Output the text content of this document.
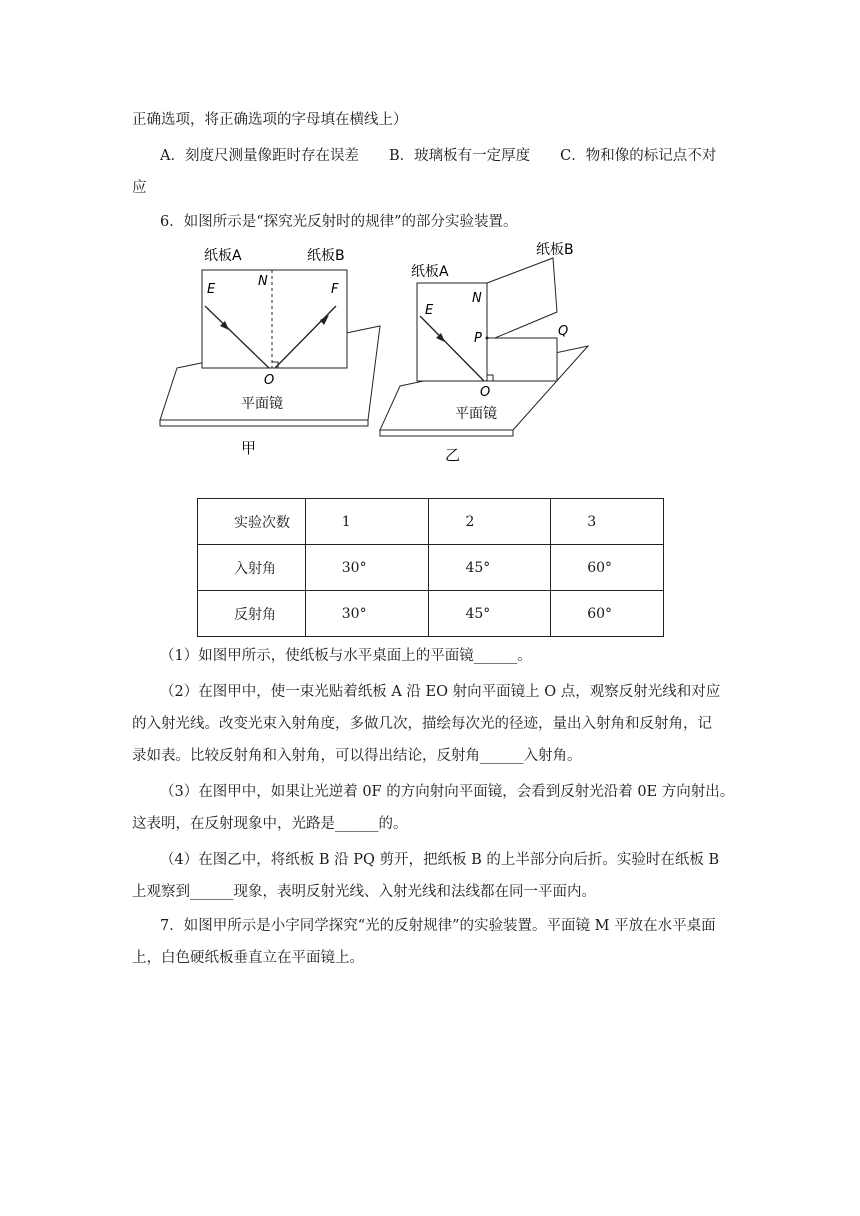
正确选项，将正确选项的字母填在横线上）
A．刻度尺测量像距时存在误差 B．玻璃板有一定厚度 C．物和像的标记点不对
应
6．如图所示是“探究光反射时的规律”的部分实验装置。
纸板A	纸板B
N
E	F
O
平面镜
甲
纸板A
纸板B
N
E
P	Q
O
平面镜
乙
实验次数	1	2	3
入射角	30°	45°	60°
反射角	30°	45°	60°
（1）如图甲所示，使纸板与水平桌面上的平面镜______。
（2）在图甲中，使一束光贴着纸板 A 沿 EO 射向平面镜上 O 点，观察反射光线和对应
的入射光线。改变光束入射角度，多做几次，描绘每次光的径迹，量出入射角和反射角，记
录如表。比较反射角和入射角，可以得出结论，反射角______入射角。
（3）在图甲中，如果让光逆着 0F 的方向射向平面镜，会看到反射光沿着 0E 方向射出。
这表明，在反射现象中，光路是______的。
（4）在图乙中，将纸板 B 沿 PQ 剪开，把纸板 B 的上半部分向后折。实验时在纸板 B
上观察到______现象，表明反射光线、入射光线和法线都在同一平面内。
7．如图甲所示是小宇同学探究“光的反射规律”的实验装置。平面镜 M 平放在水平桌面
上，白色硬纸板垂直立在平面镜上。
